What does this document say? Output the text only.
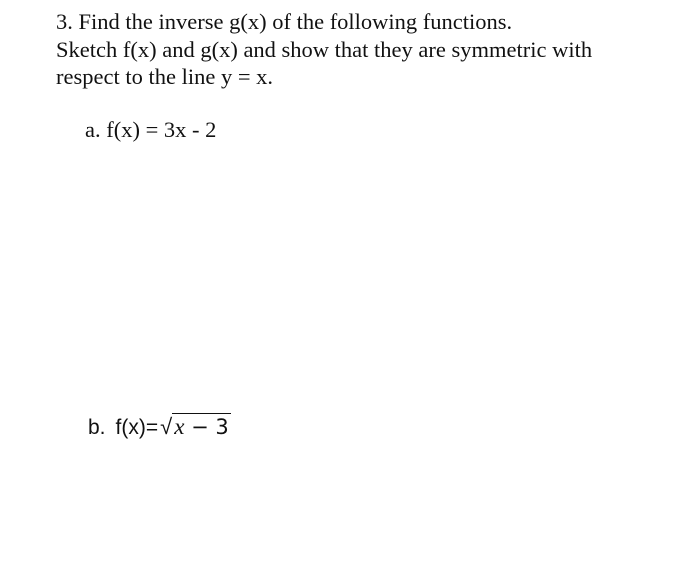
3. Find the inverse g(x) of the following functions.
Sketch f(x) and g(x) and show that they are symmetric with
respect to the line y = x.
a. f(x) = 3x - 2
b. f(x)= √ x − 3
